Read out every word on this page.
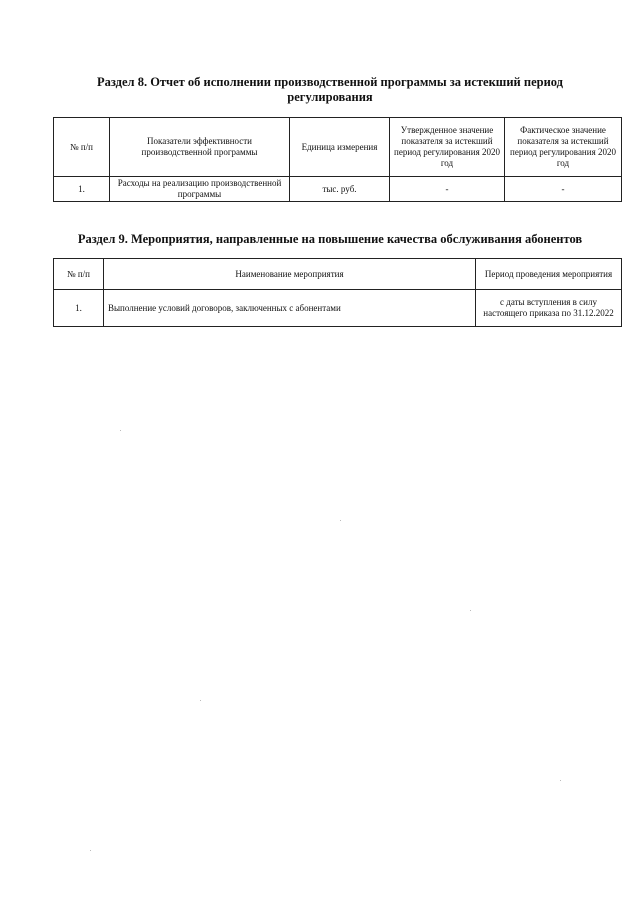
Раздел 8. Отчет об исполнении производственной программы за истекший период
регулирования
№ п/п	Показатели эффективности производственной программы	Единица измерения	Утвержденное значение показателя за истекший период регулирования 2020 год	Фактическое значение показателя за истекший период регулирования 2020 год
1.	Расходы на реализацию производственной программы	тыс. руб.	-	-
Раздел 9. Мероприятия, направленные на повышение качества обслуживания абонентов
№ п/п	Наименование мероприятия	Период проведения мероприятия
1.	Выполнение условий договоров, заключенных с абонентами	с даты вступления в силу настоящего приказа по 31.12.2022
